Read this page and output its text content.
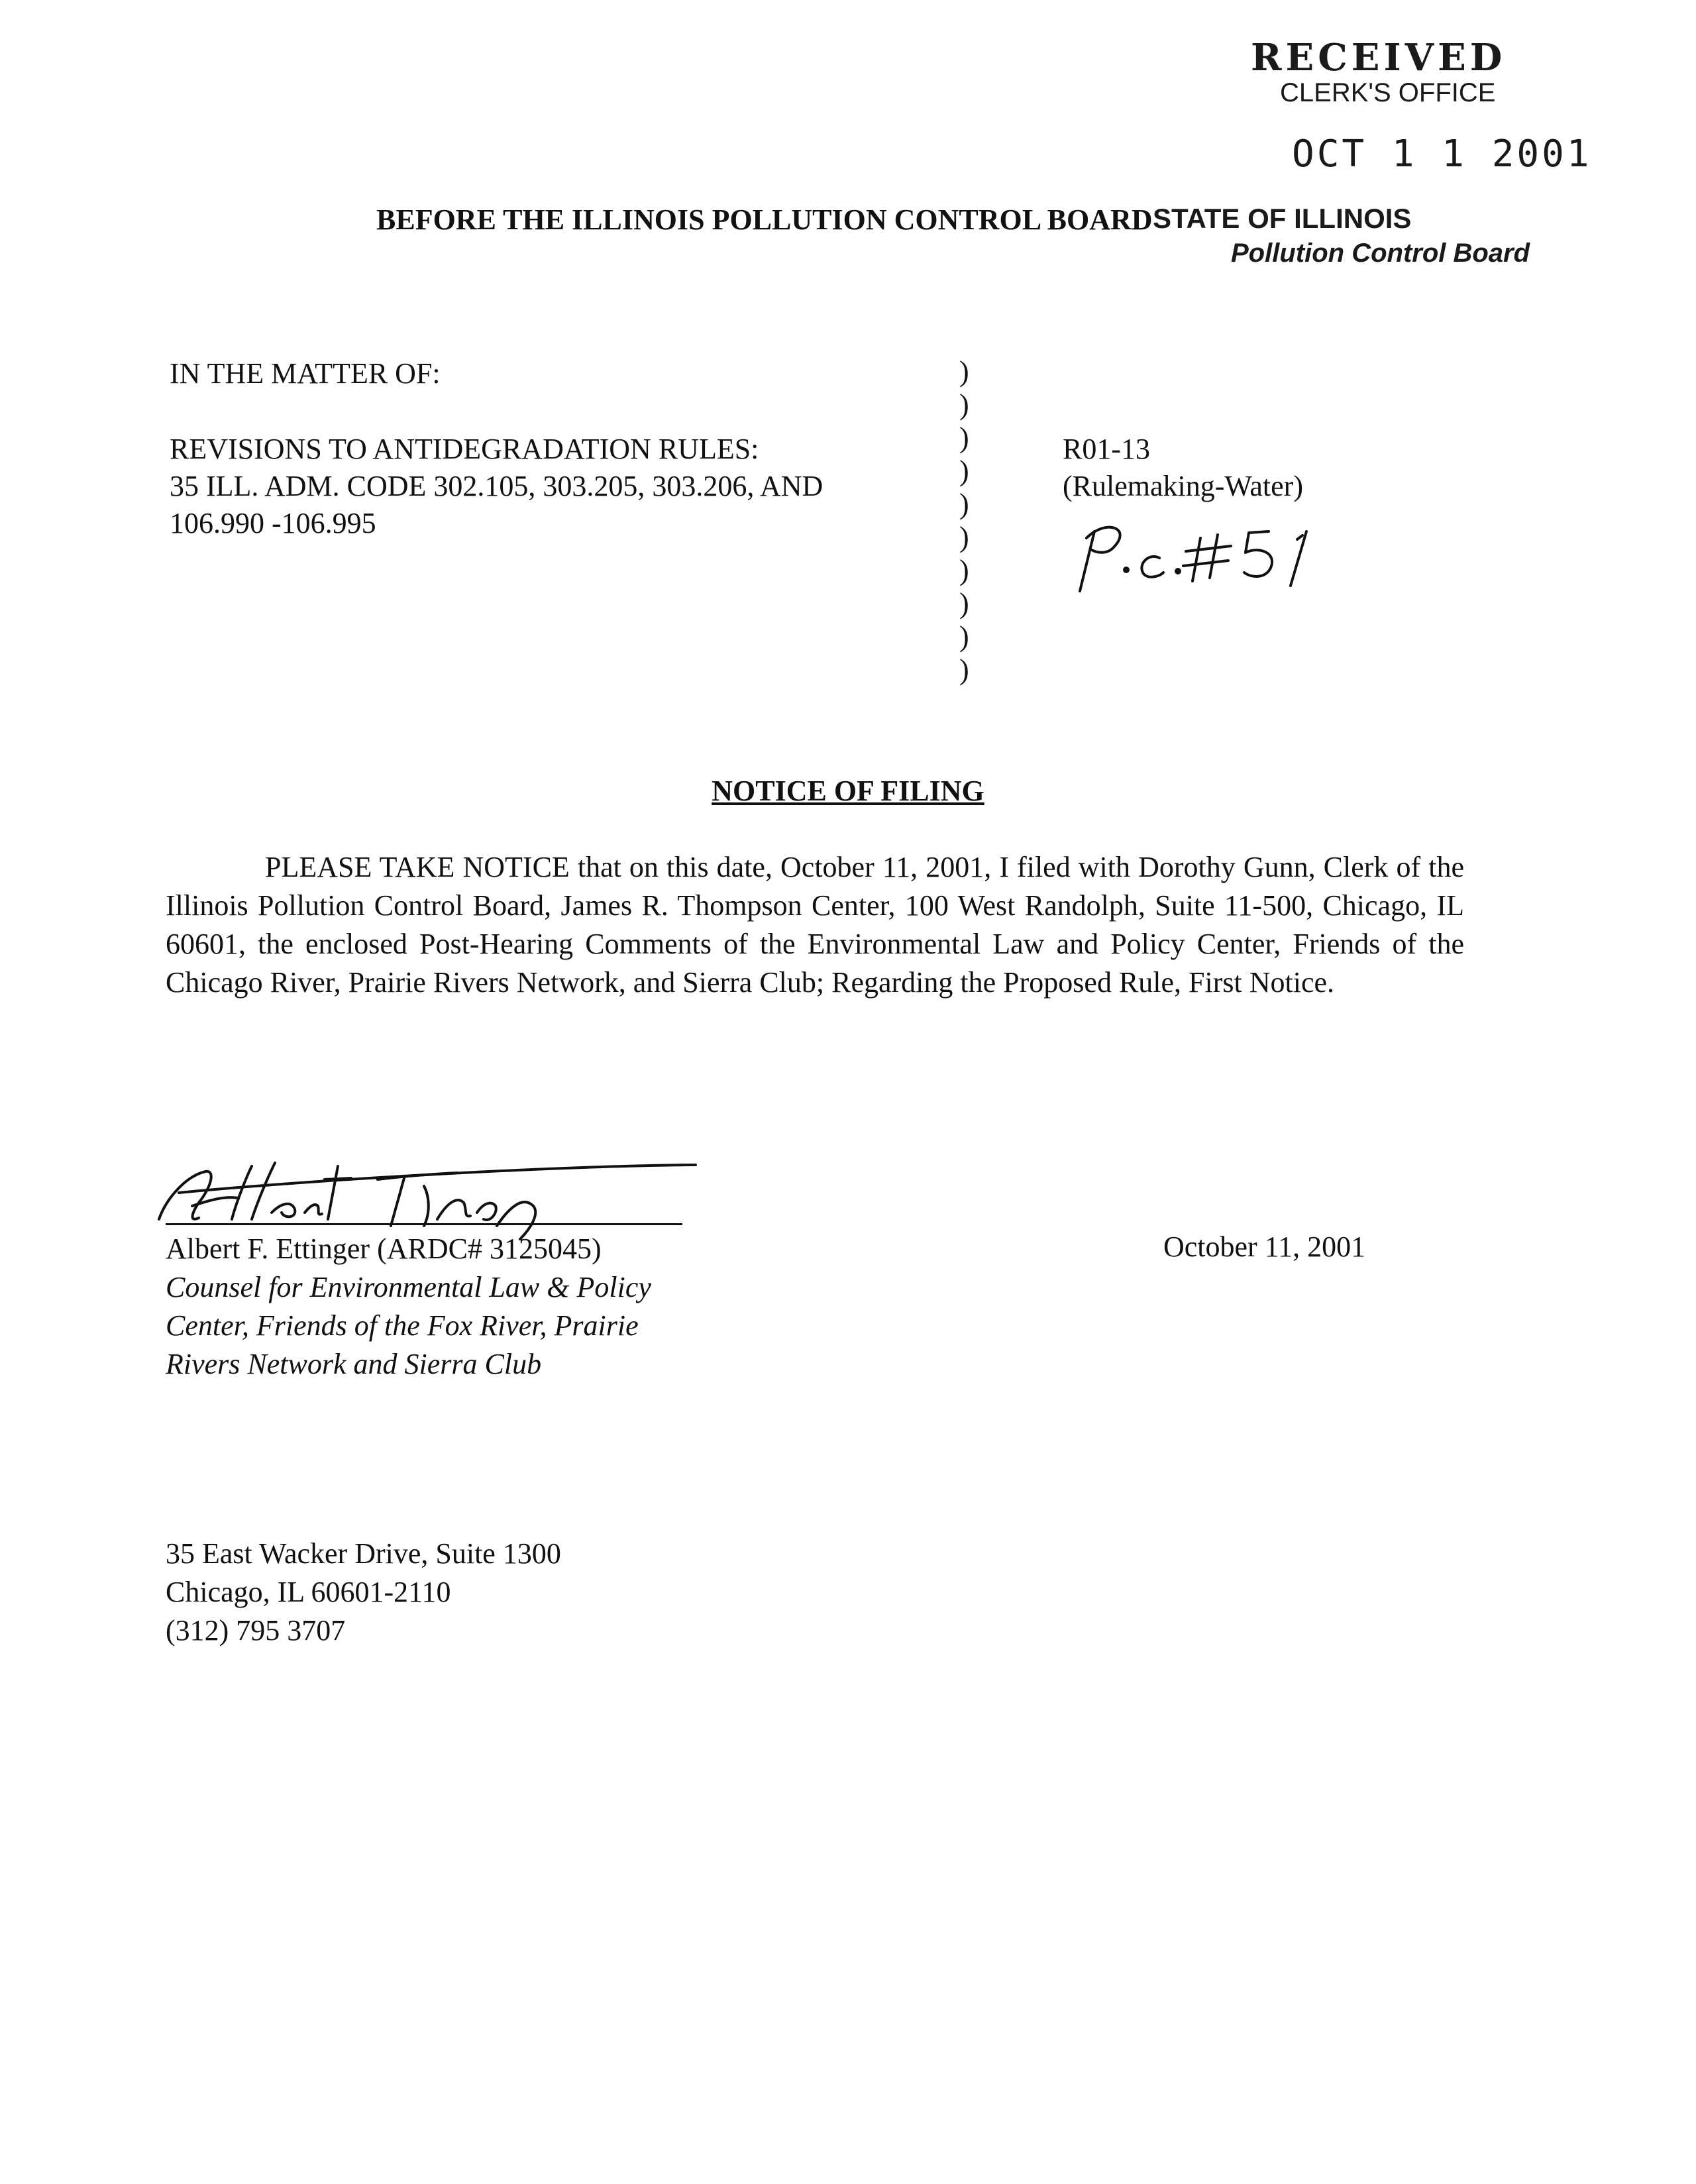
RECEIVED
CLERK'S OFFICE
OCT 1 1 2001
STATE OF ILLINOIS
Pollution Control Board
BEFORE THE ILLINOIS POLLUTION CONTROL BOARD
IN THE MATTER OF:
REVISIONS TO ANTIDEGRADATION RULES:
35 ILL. ADM. CODE 302.105, 303.205, 303.206, AND
106.990 -106.995
)
)
)
)
)
)
)
)
)
)
R01-13
(Rulemaking-Water)
NOTICE OF FILING
PLEASE TAKE NOTICE that on this date, October 11, 2001, I filed with Dorothy Gunn, Clerk of the Illinois Pollution Control Board, James R. Thompson Center, 100 West Randolph, Suite 11-500, Chicago, IL 60601, the enclosed Post-Hearing Comments of the Environmental Law and Policy Center, Friends of the Chicago River, Prairie Rivers Network, and Sierra Club; Regarding the Proposed Rule, First Notice.
Albert F. Ettinger (ARDC# 3125045)
Counsel for Environmental Law & Policy
Center, Friends of the Fox River, Prairie
Rivers Network and Sierra Club
October 11, 2001
35 East Wacker Drive, Suite 1300
Chicago, IL 60601-2110
(312) 795 3707
